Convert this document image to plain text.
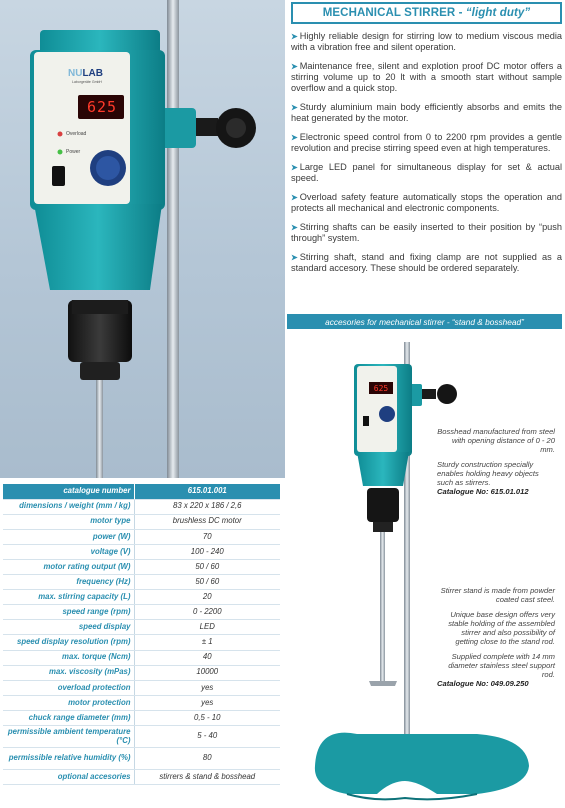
NULAB
Laborgeräte GmbH
625
Overload
Power
MECHANICAL STIRRER - “light duty”

➤ Highly reliable design for stirring low to medium viscous media with a vibration free and silent operation.

➤ Maintenance free, silent and explotion proof DC motor offers a stirring volume up to 20 lt with a smooth start without sample overflow and a quick stop.

➤ Sturdy aluminium main body efficiently absorbs and emits the heat generated by the motor.

➤ Electronic speed control from 0 to 2200 rpm provides a gentle revolution and precise stirring speed even at high temperatures.

➤ Large LED panel for simultaneous display for set & actual speed.

➤ Overload safety feature automatically stops the operation and protects all mechanical and electronic components.

➤ Stirring shafts can be easily inserted to their position by “push through” system.

➤ Stirring shaft, stand and fixing clamp are not supplied as a standard accesory. These should be ordered separately.

accesories for mechanical stirrer - “stand & bosshead”
625

Bosshead manufactured from steel with opening distance of 0 - 20 mm.

Sturdy construction specially enables holding heavy objects such as stirrers.

Catalogue No: 615.01.012

Stirrer stand is made from powder coated cast steel.

Unique base design offers very stable holding of the assembled stirrer and also possibility of getting close to the stand rod.

Supplied complete with 14 mm diameter stainless steel support rod.

Catalogue No: 049.09.250

catalogue number	615.01.001
dimensions / weight (mm / kg)	83 x 220 x 186 / 2,6
motor type	brushless DC motor
power (W)	70
voltage (V)	100 - 240
motor rating output (W)	50 / 60
frequency (Hz)	50 / 60
max. stirring capacity (L)	20
speed range (rpm)	0 - 2200
speed display	LED
speed display resolution (rpm)	± 1
max. torque (Ncm)	40
max. viscosity (mPas)	10000
overload protection	yes
motor protection	yes
chuck range diameter (mm)	0,5 - 10
permissible ambient temperature (°C)	5 - 40
permissible relative humidity (%)	80
optional accesories	stirrers & stand & bosshead
